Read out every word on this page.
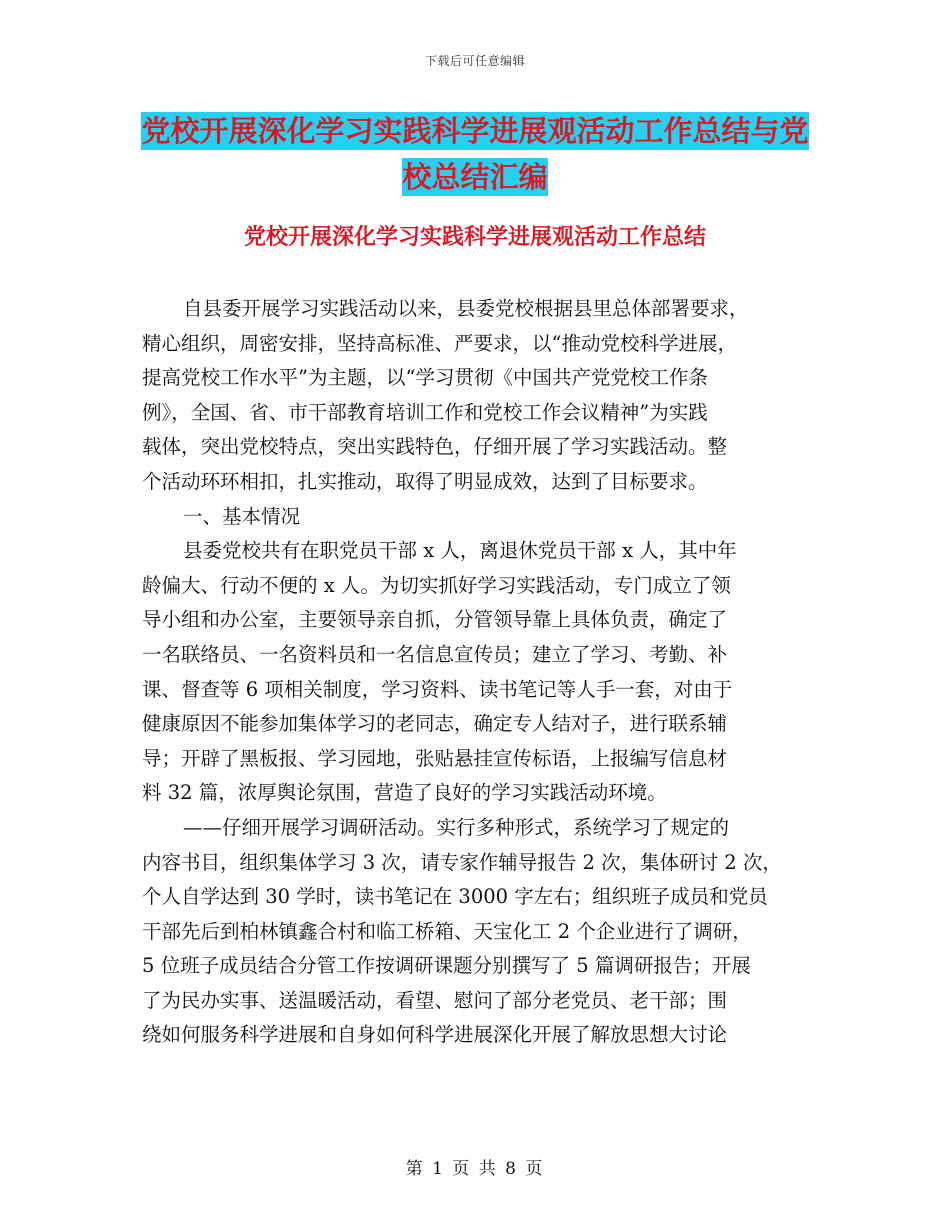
下载后可任意编辑
党校开展深化学习实践科学进展观活动工作总结与党
校总结汇编
党校开展深化学习实践科学进展观活动工作总结
自县委开展学习实践活动以来，县委党校根据县里总体部署要求，
精心组织，周密安排，坚持高标准、严要求，以“推动党校科学进展，
提高党校工作水平”为主题，以“学习贯彻《中国共产党党校工作条
例》，全国、省、市干部教育培训工作和党校工作会议精神”为实践
载体，突出党校特点，突出实践特色，仔细开展了学习实践活动。整
个活动环环相扣，扎实推动，取得了明显成效，达到了目标要求。
一、基本情况
县委党校共有在职党员干部 x 人，离退休党员干部 x 人，其中年
龄偏大、行动不便的 x 人。为切实抓好学习实践活动，专门成立了领
导小组和办公室，主要领导亲自抓，分管领导靠上具体负责，确定了
一名联络员、一名资料员和一名信息宣传员；建立了学习、考勤、补
课、督查等 6 项相关制度，学习资料、读书笔记等人手一套，对由于
健康原因不能参加集体学习的老同志，确定专人结对子，进行联系辅
导；开辟了黑板报、学习园地，张贴悬挂宣传标语，上报编写信息材
料 32 篇，浓厚舆论氛围，营造了良好的学习实践活动环境。
——仔细开展学习调研活动。实行多种形式，系统学习了规定的
内容书目，组织集体学习 3 次，请专家作辅导报告 2 次，集体研讨 2 次，
个人自学达到 30 学时，读书笔记在 3000 字左右；组织班子成员和党员
干部先后到柏林镇鑫合村和临工桥箱、天宝化工 2 个企业进行了调研，
5 位班子成员结合分管工作按调研课题分别撰写了 5 篇调研报告；开展
了为民办实事、送温暖活动，看望、慰问了部分老党员、老干部；围
绕如何服务科学进展和自身如何科学进展深化开展了解放思想大讨论
第 1 页 共 8 页
